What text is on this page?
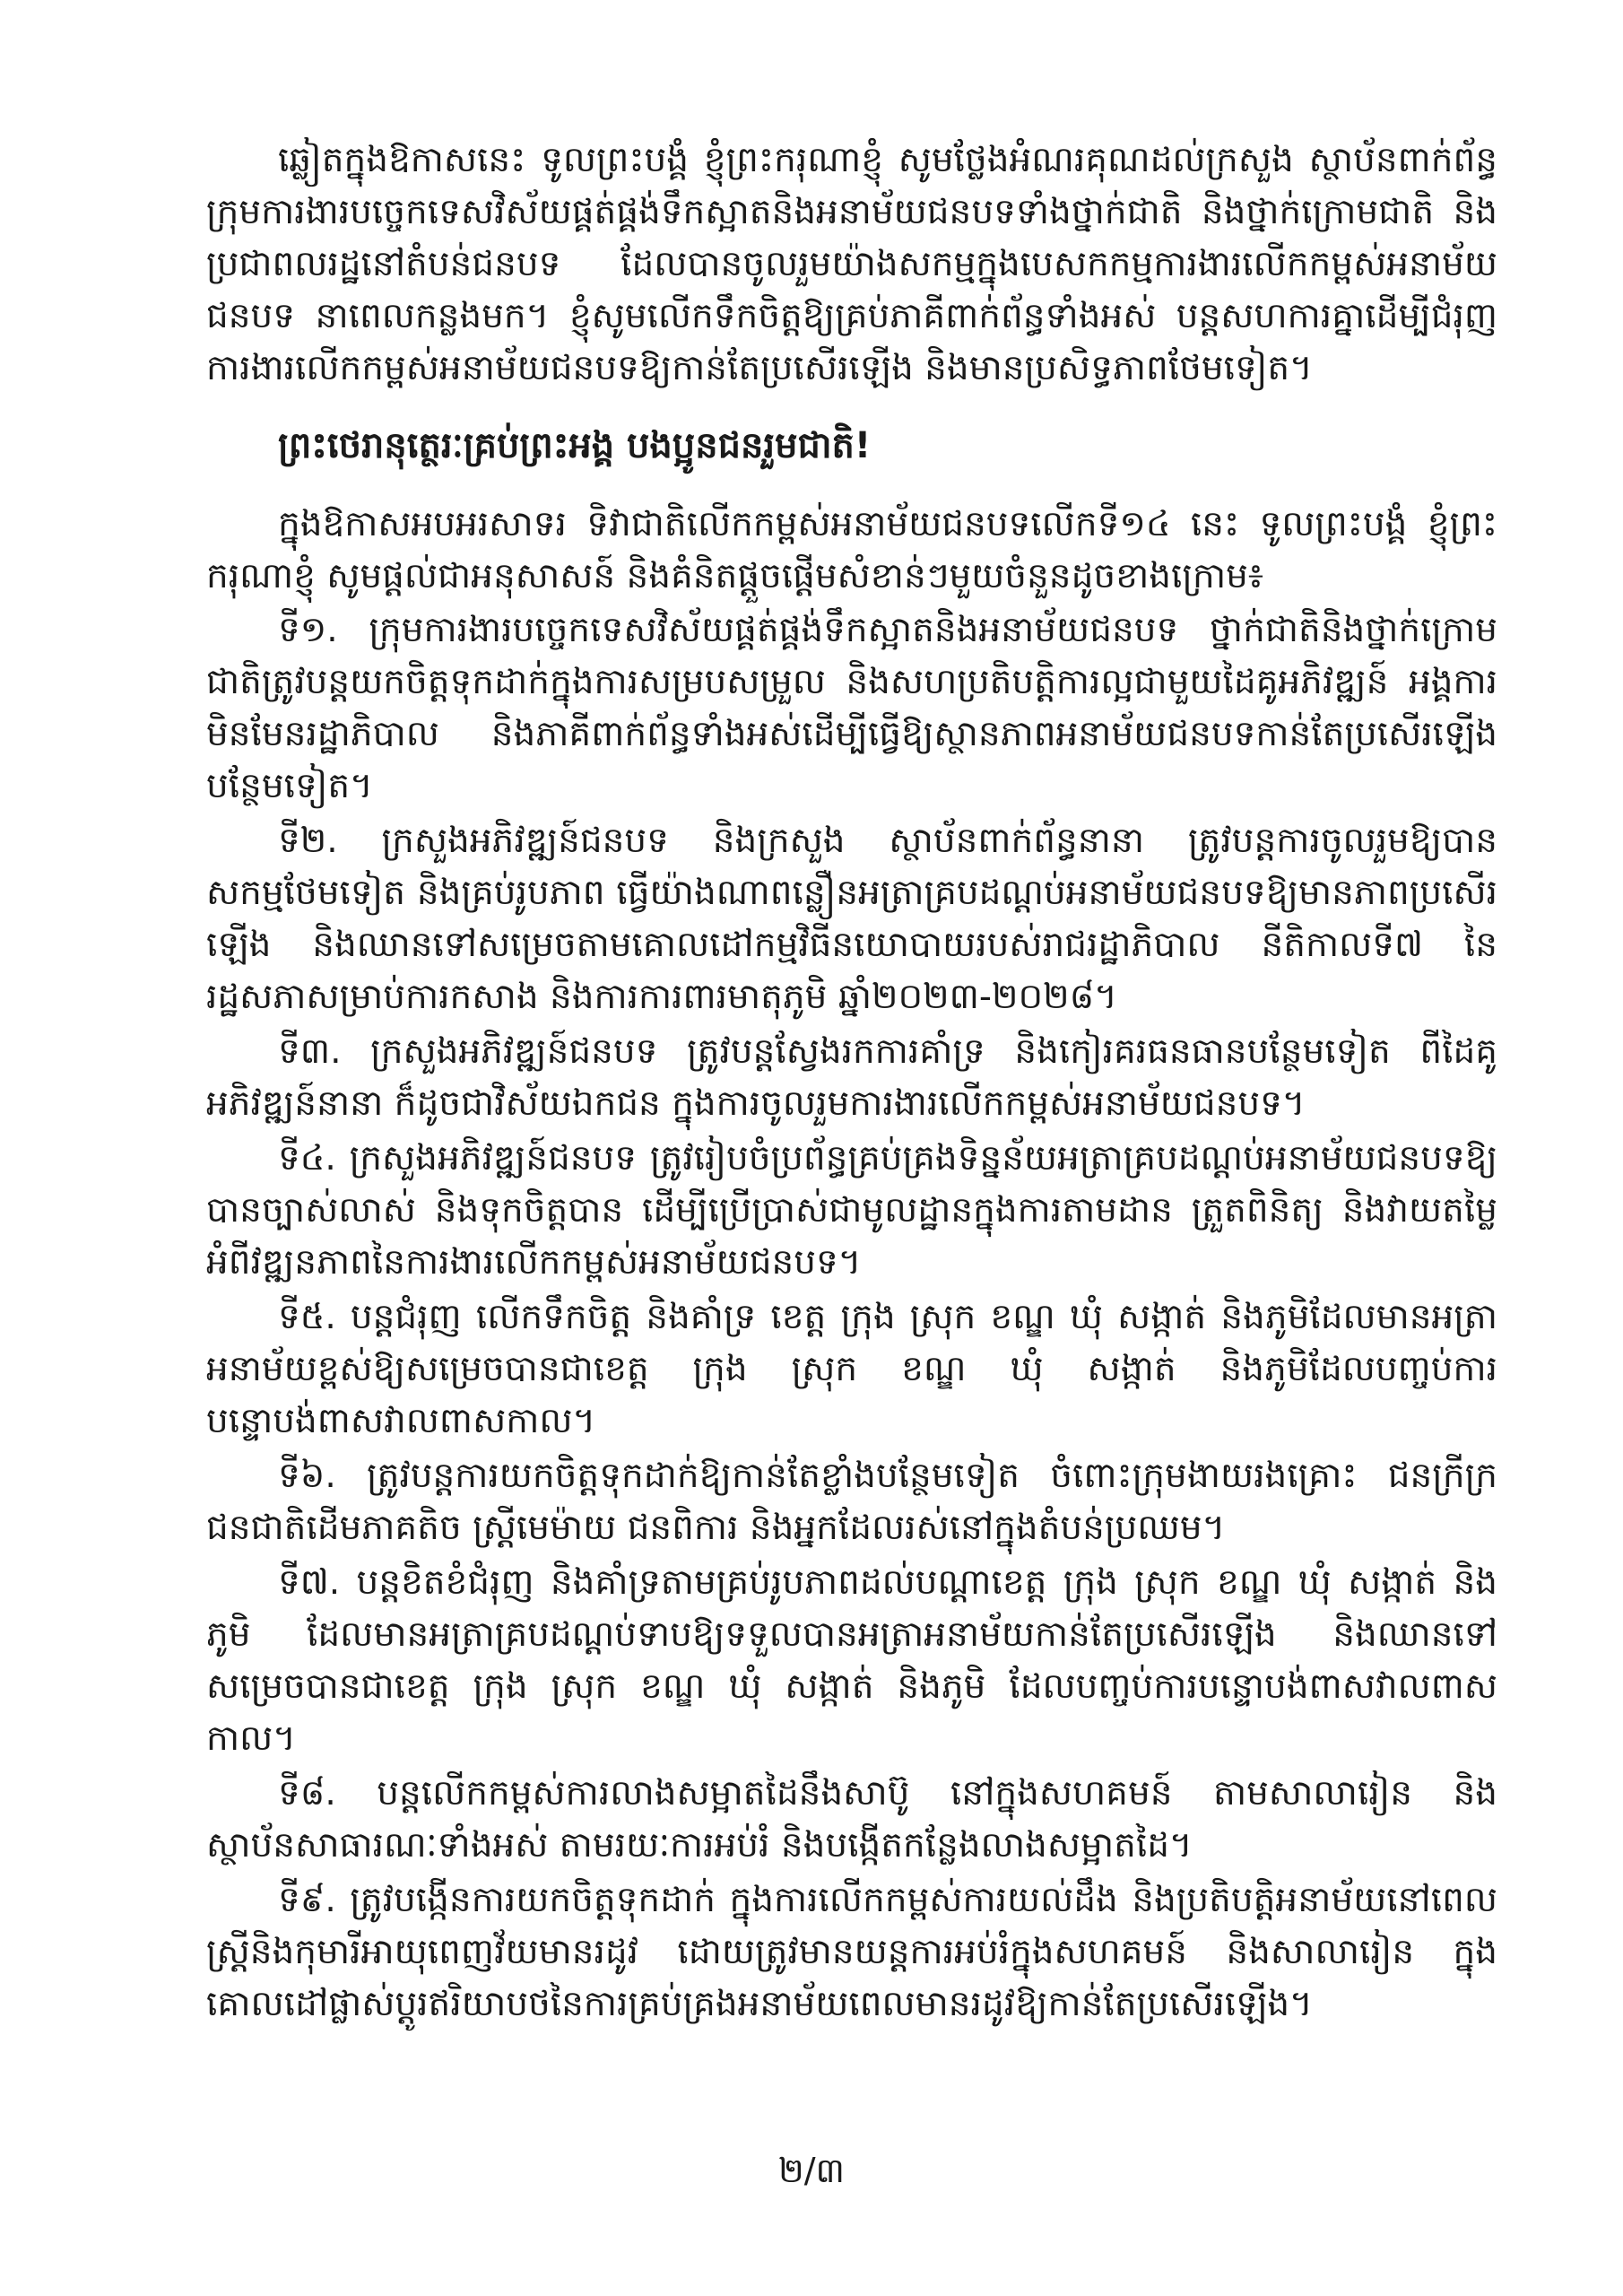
ឆ្លៀតក្នុងឱកាសនេះ ទូលព្រះបង្គំ ខ្ញុំព្រះករុណាខ្ញុំ សូមថ្លែងអំណរគុណដល់ក្រសួង ស្ថាប័នពាក់ព័ន្ធ ក្រុមការងារបច្ចេកទេសវិស័យផ្គត់ផ្គង់ទឹកស្អាតនិងអនាម័យជនបទទាំងថ្នាក់ជាតិ និងថ្នាក់ក្រោមជាតិ និងប្រជាពលរដ្ឋនៅតំបន់ជនបទ ដែលបានចូលរួមយ៉ាងសកម្មក្នុងបេសកកម្មការងារលើកកម្ពស់អនាម័យជនបទ នាពេលកន្លងមក។ ខ្ញុំសូមលើកទឹកចិត្តឱ្យគ្រប់ភាគីពាក់ព័ន្ធទាំងអស់ បន្តសហការគ្នាដើម្បីជំរុញការងារលើកកម្ពស់អនាម័យជនបទឱ្យកាន់តែប្រសើរឡើង និងមានប្រសិទ្ធភាពថែមទៀត។

ព្រះថេរានុត្ថេរៈគ្រប់ព្រះអង្គ បងប្អូនជនរួមជាតិ!

ក្នុងឱកាសអបអរសាទរ ទិវាជាតិលើកកម្ពស់អនាម័យជនបទលើកទី១៤ នេះ ទូលព្រះបង្គំ ខ្ញុំព្រះករុណាខ្ញុំ សូមផ្ដល់ជាអនុសាសន៍ និងគំនិតផ្ដួចផ្ដើមសំខាន់ៗមួយចំនួនដូចខាងក្រោម៖

ទី១. ក្រុមការងារបច្ចេកទេសវិស័យផ្គត់ផ្គង់ទឹកស្អាតនិងអនាម័យជនបទ ថ្នាក់ជាតិនិងថ្នាក់ក្រោមជាតិត្រូវបន្តយកចិត្តទុកដាក់ក្នុងការសម្របសម្រួល និងសហប្រតិបត្តិការល្អជាមួយដៃគូអភិវឌ្ឍន៍ អង្គការមិនមែនរដ្ឋាភិបាល និងភាគីពាក់ព័ន្ធទាំងអស់ដើម្បីធ្វើឱ្យស្ថានភាពអនាម័យជនបទកាន់តែប្រសើរឡើងបន្ថែមទៀត។

ទី២. ក្រសួងអភិវឌ្ឍន៍ជនបទ និងក្រសួង ស្ថាប័នពាក់ព័ន្ធនានា ត្រូវបន្តការចូលរួមឱ្យបានសកម្មថែមទៀត និងគ្រប់រូបភាព ធ្វើយ៉ាងណាពន្លឿនអត្រាគ្របដណ្ដប់អនាម័យជនបទឱ្យមានភាពប្រសើរឡើង និងឈានទៅសម្រេចតាមគោលដៅកម្មវិធីនយោបាយរបស់រាជរដ្ឋាភិបាល នីតិកាលទី៧ នៃរដ្ឋសភាសម្រាប់ការកសាង និងការការពារមាតុភូមិ ឆ្នាំ២០២៣-២០២៨។

ទី៣. ក្រសួងអភិវឌ្ឍន៍ជនបទ ត្រូវបន្តស្វែងរកការគាំទ្រ និងកៀរគរធនធានបន្ថែមទៀត ពីដៃគូអភិវឌ្ឍន៍នានា ក៏ដូចជាវិស័យឯកជន ក្នុងការចូលរួមការងារលើកកម្ពស់អនាម័យជនបទ។

ទី៤. ក្រសួងអភិវឌ្ឍន៍ជនបទ ត្រូវរៀបចំប្រព័ន្ធគ្រប់គ្រងទិន្នន័យអត្រាគ្របដណ្ដប់អនាម័យជនបទឱ្យបានច្បាស់លាស់ និងទុកចិត្តបាន ដើម្បីប្រើប្រាស់ជាមូលដ្ឋានក្នុងការតាមដាន ត្រួតពិនិត្យ និងវាយតម្លៃអំពីវឌ្ឍនភាពនៃការងារលើកកម្ពស់អនាម័យជនបទ។

ទី៥. បន្តជំរុញ លើកទឹកចិត្ត និងគាំទ្រ ខេត្ត ក្រុង ស្រុក ខណ្ឌ ឃុំ សង្កាត់ និងភូមិដែលមានអត្រាអនាម័យខ្ពស់ឱ្យសម្រេចបានជាខេត្ត ក្រុង ស្រុក ខណ្ឌ ឃុំ សង្កាត់ និងភូមិដែលបញ្ចប់ការបន្ទោបង់ពាសវាលពាសកាល។

ទី៦. ត្រូវបន្តការយកចិត្តទុកដាក់ឱ្យកាន់តែខ្លាំងបន្ថែមទៀត ចំពោះក្រុមងាយរងគ្រោះ ជនក្រីក្រ ជនជាតិដើមភាគតិច ស្ត្រីមេម៉ាយ ជនពិការ និងអ្នកដែលរស់នៅក្នុងតំបន់ប្រឈម។

ទី៧. បន្តខិតខំជំរុញ និងគាំទ្រតាមគ្រប់រូបភាពដល់បណ្ដាខេត្ត ក្រុង ស្រុក ខណ្ឌ ឃុំ សង្កាត់ និងភូមិ ដែលមានអត្រាគ្របដណ្ដប់ទាបឱ្យទទួលបានអត្រាអនាម័យកាន់តែប្រសើរឡើង និងឈានទៅសម្រេចបានជាខេត្ត ក្រុង ស្រុក ខណ្ឌ ឃុំ សង្កាត់ និងភូមិ ដែលបញ្ចប់ការបន្ទោបង់ពាសវាលពាសកាល។

ទី៨. បន្តលើកកម្ពស់ការលាងសម្អាតដៃនឹងសាប៊ូ នៅក្នុងសហគមន៍ តាមសាលារៀន និងស្ថាប័នសាធារណៈទាំងអស់ តាមរយៈការអប់រំ និងបង្កើតកន្លែងលាងសម្អាតដៃ។

ទី៩. ត្រូវបង្កើនការយកចិត្តទុកដាក់ ក្នុងការលើកកម្ពស់ការយល់ដឹង និងប្រតិបត្តិអនាម័យនៅពេលស្ត្រីនិងកុមារីអាយុពេញវ័យមានរដូវ ដោយត្រូវមានយន្តការអប់រំក្នុងសហគមន៍ និងសាលារៀន ក្នុងគោលដៅផ្លាស់ប្ដូរឥរិយាបថនៃការគ្រប់គ្រងអនាម័យពេលមានរដូវឱ្យកាន់តែប្រសើរឡើង។

២/៣
